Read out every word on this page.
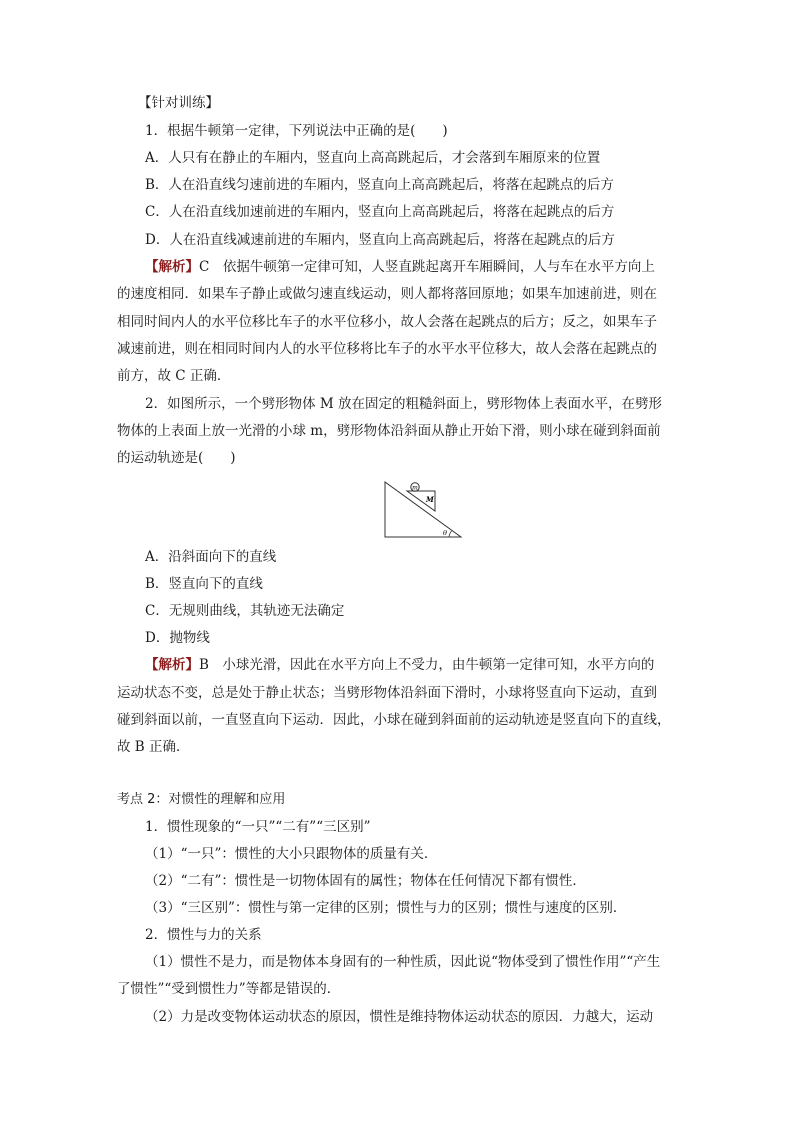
【针对训练】
1．根据牛顿第一定律，下列说法中正确的是(　　)
A．人只有在静止的车厢内，竖直向上高高跳起后，才会落到车厢原来的位置
B．人在沿直线匀速前进的车厢内，竖直向上高高跳起后，将落在起跳点的后方
C．人在沿直线加速前进的车厢内，竖直向上高高跳起后，将落在起跳点的后方
D．人在沿直线减速前进的车厢内，竖直向上高高跳起后，将落在起跳点的后方
【解析】C　依据牛顿第一定律可知，人竖直跳起离开车厢瞬间，人与车在水平方向上
的速度相同．如果车子静止或做匀速直线运动，则人都将落回原地；如果车加速前进，则在
相同时间内人的水平位移比车子的水平位移小，故人会落在起跳点的后方；反之，如果车子
减速前进，则在相同时间内人的水平位移将比车子的水平水平位移大，故人会落在起跳点的
前方，故 C 正确．
2．如图所示，一个劈形物体 M 放在固定的粗糙斜面上，劈形物体上表面水平，在劈形
物体的上表面上放一光滑的小球 m，劈形物体沿斜面从静止开始下滑，则小球在碰到斜面前
的运动轨迹是(　　)
m
M
θ
A．沿斜面向下的直线
B．竖直向下的直线
C．无规则曲线，其轨迹无法确定
D．抛物线
【解析】B　小球光滑，因此在水平方向上不受力，由牛顿第一定律可知，水平方向的
运动状态不变，总是处于静止状态；当劈形物体沿斜面下滑时，小球将竖直向下运动，直到
碰到斜面以前，一直竖直向下运动．因此，小球在碰到斜面前的运动轨迹是竖直向下的直线，
故 B 正确．
考点 2：对惯性的理解和应用
1．惯性现象的“一只”“二有”“三区别”
（1）“一只”：惯性的大小只跟物体的质量有关．
（2）“二有”：惯性是一切物体固有的属性；物体在任何情况下都有惯性．
（3）“三区别”：惯性与第一定律的区别；惯性与力的区别；惯性与速度的区别．
2．惯性与力的关系
（1）惯性不是力，而是物体本身固有的一种性质，因此说“物体受到了惯性作用”“产生
了惯性”“受到惯性力”等都是错误的．
（2）力是改变物体运动状态的原因，惯性是维持物体运动状态的原因．力越大，运动
